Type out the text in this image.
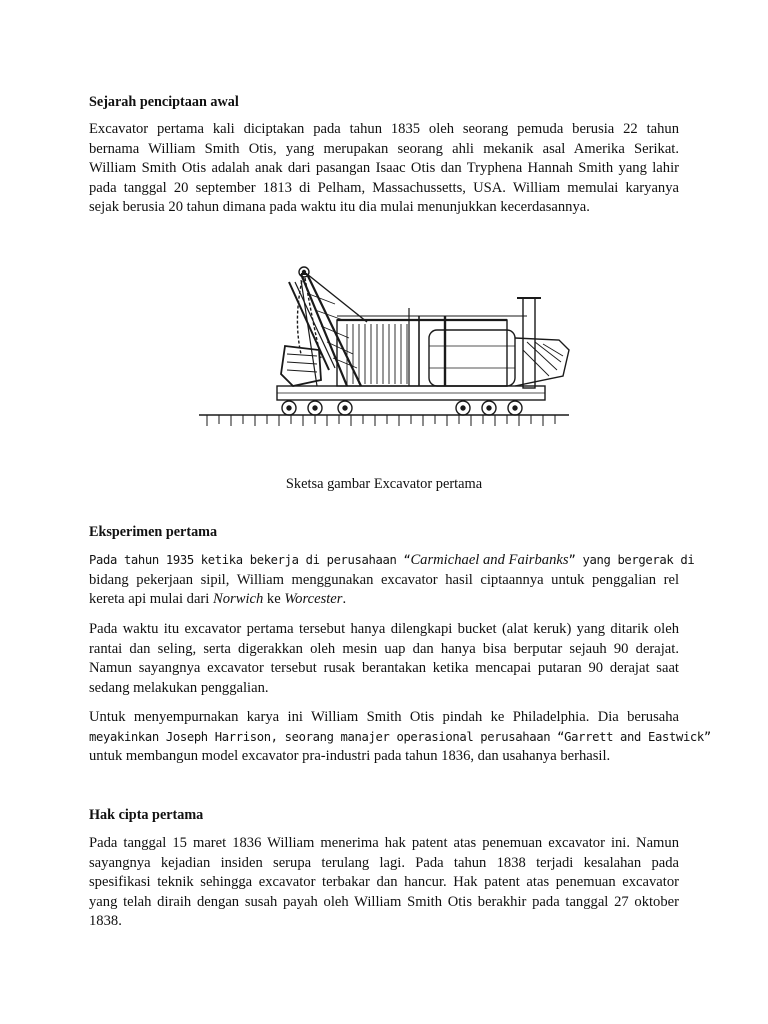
Sejarah penciptaan awal
Excavator pertama kali diciptakan pada tahun 1835 oleh seorang pemuda berusia 22 tahun
bernama William Smith Otis, yang merupakan seorang ahli mekanik asal Amerika Serikat.
William Smith Otis adalah anak dari pasangan Isaac Otis dan Tryphena Hannah Smith yang lahir
pada tanggal 20 september 1813 di Pelham, Massachussetts, USA. William memulai karyanya
sejak berusia 20 tahun dimana pada waktu itu dia mulai menunjukkan kecerdasannya.
Sketsa gambar Excavator pertama
Eksperimen pertama
Pada tahun 1935 ketika bekerja di perusahaan “Carmichael and Fairbanks” yang bergerak di
bidang pekerjaan sipil, William menggunakan excavator hasil ciptaannya untuk penggalian rel
kereta api mulai dari Norwich ke Worcester.
Pada waktu itu excavator pertama tersebut hanya dilengkapi bucket (alat keruk) yang ditarik oleh
rantai dan seling, serta digerakkan oleh mesin uap dan hanya bisa berputar sejauh 90 derajat.
Namun sayangnya excavator tersebut rusak berantakan ketika mencapai putaran 90 derajat saat
sedang melakukan penggalian.
Untuk menyempurnakan karya ini William Smith Otis pindah ke Philadelphia. Dia berusaha
meyakinkan Joseph Harrison, seorang manajer operasional perusahaan “Garrett and Eastwick”
untuk membangun model excavator pra-industri pada tahun 1836, dan usahanya berhasil.
Hak cipta pertama
Pada tanggal 15 maret 1836 William menerima hak patent atas penemuan excavator ini. Namun
sayangnya kejadian insiden serupa terulang lagi. Pada tahun 1838 terjadi kesalahan pada
spesifikasi teknik sehingga excavator terbakar dan hancur. Hak patent atas penemuan excavator
yang telah diraih dengan susah payah oleh William Smith Otis berakhir pada tanggal 27 oktober
1838.
